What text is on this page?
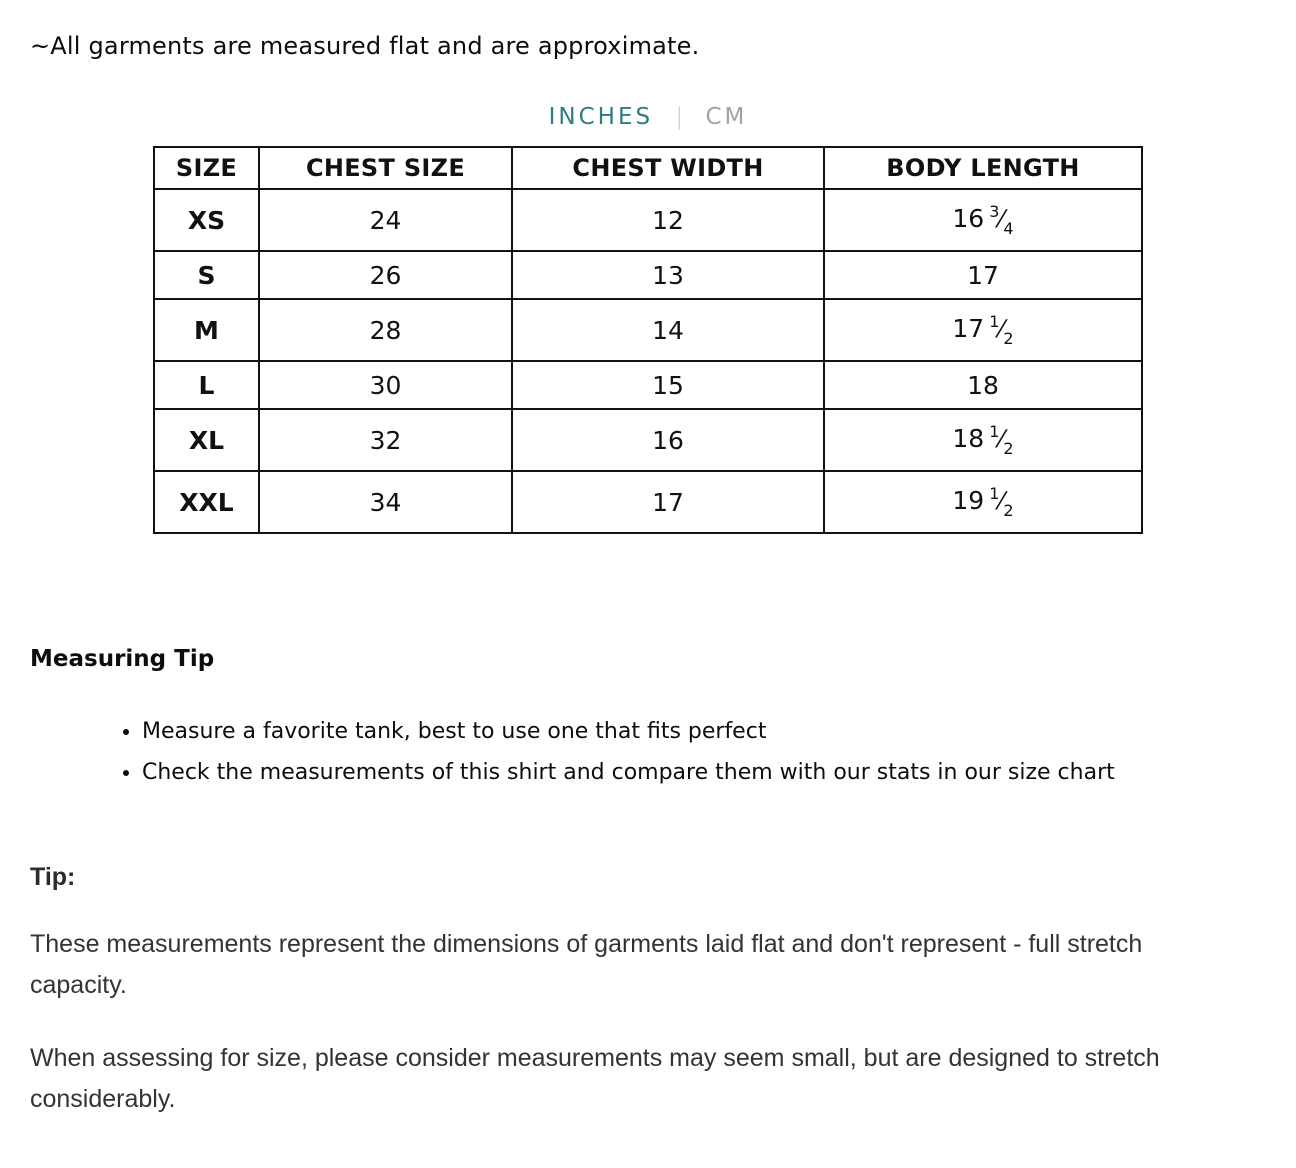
~All garments are measured flat and are approximate.

INCHES | CM
SIZE	CHEST SIZE	CHEST WIDTH	BODY LENGTH
XS	24	12	16 $^3⁄_4$
S	26	13	17
M	28	14	17 $^1⁄_2$
L	30	15	18
XL	32	16	18 $^1⁄_2$
XXL	34	17	19 $^1⁄_2$
Measuring Tip
• Measure a favorite tank, best to use one that fits perfect
• Check the measurements of this shirt and compare them with our stats in our size chart
Tip:

These measurements represent the dimensions of garments laid flat and don't represent - full stretch capacity.

When assessing for size, please consider measurements may seem small, but are designed to stretch considerably.
